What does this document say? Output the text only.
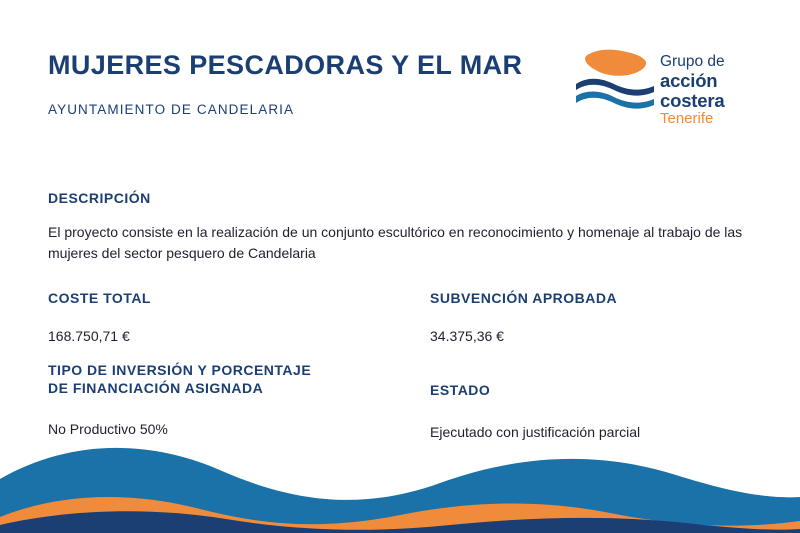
MUJERES PESCADORAS Y EL MAR
AYUNTAMIENTO DE CANDELARIA
Grupo de
acción costera
Tenerife
DESCRIPCIÓN
El proyecto consiste en la realización de un conjunto escultórico en reconocimiento y homenaje al trabajo de las mujeres del sector pesquero de Candelaria
COSTE TOTAL
168.750,71 €
SUBVENCIÓN APROBADA
34.375,36 €
TIPO DE INVERSIÓN Y PORCENTAJE
DE FINANCIACIÓN ASIGNADA
No Productivo 50%
ESTADO
Ejecutado con justificación parcial
